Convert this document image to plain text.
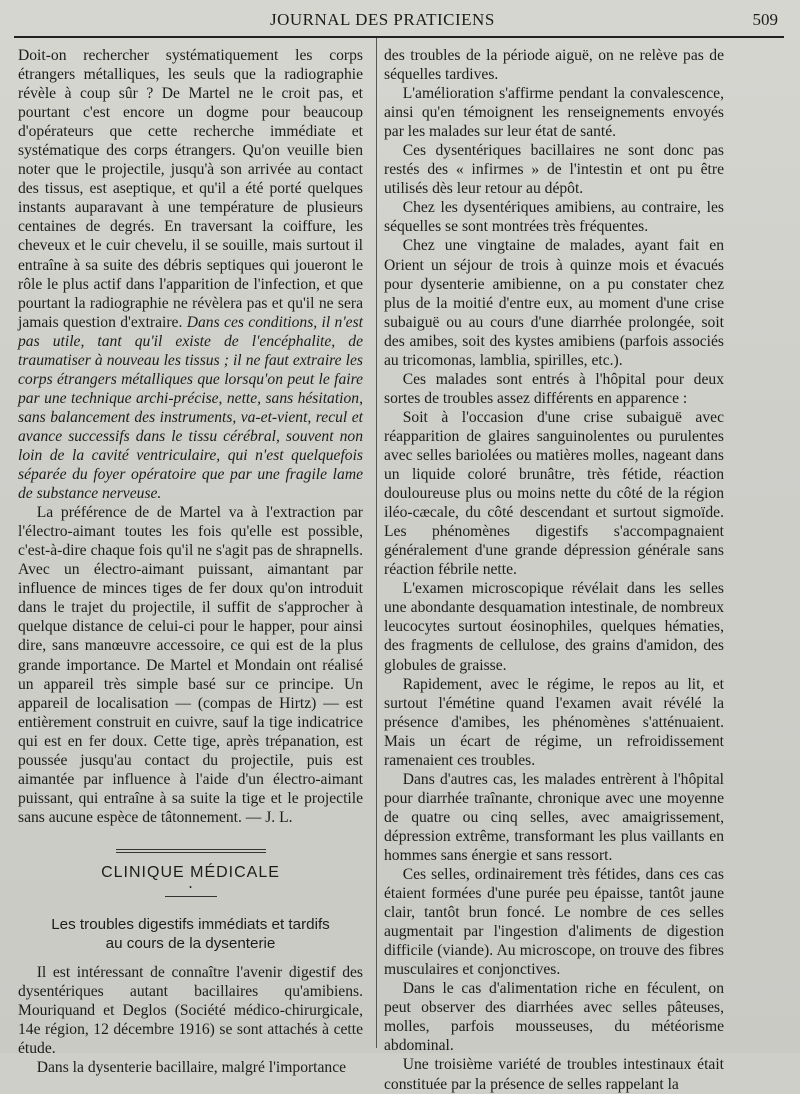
JOURNAL DES PRATICIENS	509

Doit-on rechercher systématiquement les corps étrangers métalliques, les seuls que la radiographie révèle à coup sûr ? De Martel ne le croit pas, et pourtant c'est encore un dogme pour beaucoup d'opérateurs que cette recherche immédiate et systématique des corps étrangers. Qu'on veuille bien noter que le projectile, jusqu'à son arrivée au contact des tissus, est aseptique, et qu'il a été porté quelques instants auparavant à une température de plusieurs centaines de degrés. En traversant la coiffure, les cheveux et le cuir chevelu, il se souille, mais surtout il entraîne à sa suite des débris septiques qui joueront le rôle le plus actif dans l'apparition de l'infection, et que pourtant la radiographie ne révèlera pas et qu'il ne sera jamais question d'extraire. Dans ces conditions, il n'est pas utile, tant qu'il existe de l'encéphalite, de traumatiser à nouveau les tissus ; il ne faut extraire les corps étrangers métalliques que lorsqu'on peut le faire par une technique archi-précise, nette, sans hésitation, sans balancement des instruments, va-et-vient, recul et avance successifs dans le tissu cérébral, souvent non loin de la cavité ventriculaire, qui n'est quelquefois séparée du foyer opératoire que par une fragile lame de substance nerveuse.

La préférence de de Martel va à l'extraction par l'électro-aimant toutes les fois qu'elle est possible, c'est-à-dire chaque fois qu'il ne s'agit pas de shrapnells. Avec un électro-aimant puissant, aimantant par influence de minces tiges de fer doux qu'on introduit dans le trajet du projectile, il suffit de s'approcher à quelque distance de celui-ci pour le happer, pour ainsi dire, sans manœuvre accessoire, ce qui est de la plus grande importance. De Martel et Mondain ont réalisé un appareil très simple basé sur ce principe. Un appareil de localisation — (compas de Hirtz) — est entièrement construit en cuivre, sauf la tige indicatrice qui est en fer doux. Cette tige, après trépanation, est poussée jusqu'au contact du projectile, puis est aimantée par influence à l'aide d'un électro-aimant puissant, qui entraîne à sa suite la tige et le projectile sans aucune espèce de tâtonnement. — J. L.

CLINIQUE MÉDICALE
•
Les troubles digestifs immédiats et tardifs
au cours de la dysenterie

Il est intéressant de connaître l'avenir digestif des dysentériques autant bacillaires qu'amibiens. Mouriquand et Deglos (Société médico-chirurgicale, 14e région, 12 décembre 1916) se sont attachés à cette étude.

Dans la dysenterie bacillaire, malgré l'importance

des troubles de la période aiguë, on ne relève pas de séquelles tardives.

L'amélioration s'affirme pendant la convalescence, ainsi qu'en témoignent les renseignements envoyés par les malades sur leur état de santé.

Ces dysentériques bacillaires ne sont donc pas restés des « infirmes » de l'intestin et ont pu être utilisés dès leur retour au dépôt.

Chez les dysentériques amibiens, au contraire, les séquelles se sont montrées très fréquentes.

Chez une vingtaine de malades, ayant fait en Orient un séjour de trois à quinze mois et évacués pour dysenterie amibienne, on a pu constater chez plus de la moitié d'entre eux, au moment d'une crise subaiguë ou au cours d'une diarrhée prolongée, soit des amibes, soit des kystes amibiens (parfois associés au tricomonas, lamblia, spirilles, etc.).

Ces malades sont entrés à l'hôpital pour deux sortes de troubles assez différents en apparence :

Soit à l'occasion d'une crise subaiguë avec réapparition de glaires sanguinolentes ou purulentes avec selles bariolées ou matières molles, nageant dans un liquide coloré brunâtre, très fétide, réaction douloureuse plus ou moins nette du côté de la région iléo-cæcale, du côté descendant et surtout sigmoïde. Les phénomènes digestifs s'accompagnaient généralement d'une grande dépression générale sans réaction fébrile nette.

L'examen microscopique révélait dans les selles une abondante desquamation intestinale, de nombreux leucocytes surtout éosinophiles, quelques hématies, des fragments de cellulose, des grains d'amidon, des globules de graisse.

Rapidement, avec le régime, le repos au lit, et surtout l'émétine quand l'examen avait révélé la présence d'amibes, les phénomènes s'atténuaient. Mais un écart de régime, un refroidissement ramenaient ces troubles.

Dans d'autres cas, les malades entrèrent à l'hôpital pour diarrhée traînante, chronique avec une moyenne de quatre ou cinq selles, avec amaigrissement, dépression extrême, transformant les plus vaillants en hommes sans énergie et sans ressort.

Ces selles, ordinairement très fétides, dans ces cas étaient formées d'une purée peu épaisse, tantôt jaune clair, tantôt brun foncé. Le nombre de ces selles augmentait par l'ingestion d'aliments de digestion difficile (viande). Au microscope, on trouve des fibres musculaires et conjonctives.

Dans le cas d'alimentation riche en féculent, on peut observer des diarrhées avec selles pâteuses, molles, parfois mousseuses, du météorisme abdominal.

Une troisième variété de troubles intestinaux était constituée par la présence de selles rappelant la
